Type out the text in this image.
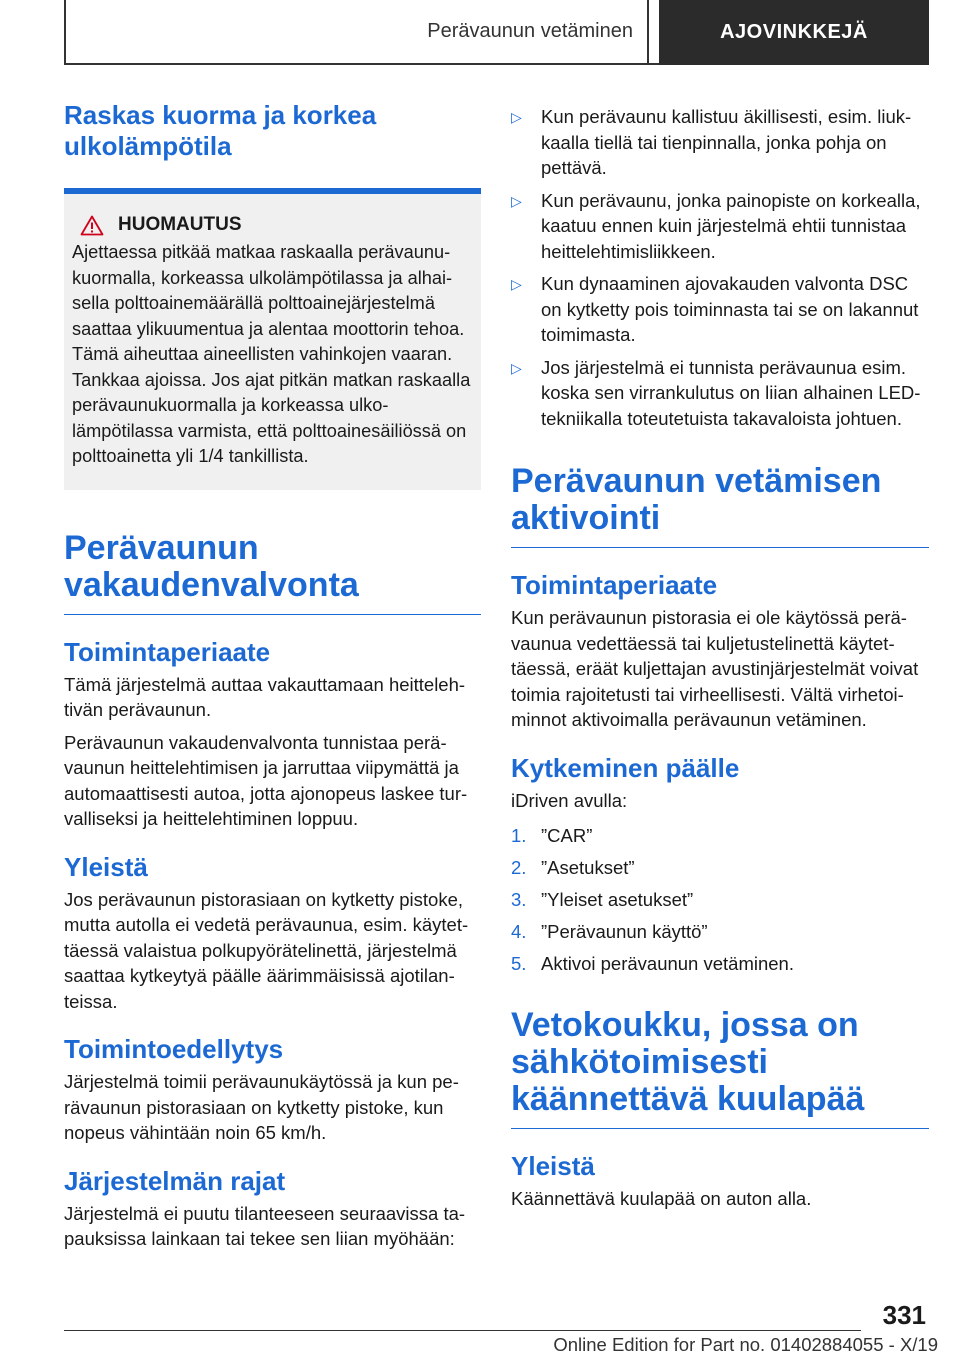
Perävaunun vetäminen	AJOVINKKEJÄ
Raskas kuorma ja korkea ulkolämpötila
HUOMAUTUS

Ajettaessa pitkää matkaa raskaalla perävaunukuormalla, korkeassa ulkolämpötilassa ja alhaisella polttoainemäärällä polttoainejärjestelmä saattaa ylikuumentua ja alentaa moottorin tehoa. Tämä aiheuttaa aineellisten vahinkojen vaaran. Tankkaa ajoissa. Jos ajat pitkän matkan raskaalla perävaunukuormalla ja korkeassa ulkolämpötilassa varmista, että polttoainesäiliössä on polttoainetta yli 1/4 tankillista.

Perävaunun vakaudenvalvonta
Toimintaperiaate

Tämä järjestelmä auttaa vakauttamaan heittelehtivän perävaunun.

Perävaunun vakaudenvalvonta tunnistaa perävaunun heittelehtimisen ja jarruttaa viipymättä ja automaattisesti autoa, jotta ajonopeus laskee turvalliseksi ja heittelehtiminen loppuu.

Yleistä

Jos perävaunun pistorasiaan on kytketty pistoke, mutta autolla ei vedetä perävaunua, esim. käytettäessä valaistua polkupyörätelinettä, järjestelmä saattaa kytkeytyä päälle äärimmäisissä ajotilanteissa.

Toimintoedellytys

Järjestelmä toimii perävaunukäytössä ja kun perävaunun pistorasiaan on kytketty pistoke, kun nopeus vähintään noin 65 km/h.

Järjestelmän rajat

Järjestelmä ei puutu tilanteeseen seuraavissa tapauksissa lainkaan tai tekee sen liian myöhään:

▷	Kun perävaunu kallistuu äkillisesti, esim. liukkaalla tiellä tai tienpinnalla, jonka pohja on pettävä.
▷	Kun perävaunu, jonka painopiste on korkealla, kaatuu ennen kuin järjestelmä ehtii tunnistaa heittelehtimisliikkeen.
▷	Kun dynaaminen ajovakauden valvonta DSC on kytketty pois toiminnasta tai se on lakannut toimimasta.
▷	Jos järjestelmä ei tunnista perävaunua esim. koska sen virrankulutus on liian alhainen LED-tekniikalla toteutetuista takavaloista johtuen.
Perävaunun vetämisen aktivointi
Toimintaperiaate

Kun perävaunun pistorasia ei ole käytössä perävaunua vedettäessä tai kuljetustelinettä käytettäessä, eräät kuljettajan avustinjärjestelmät voivat toimia rajoitetusti tai virheellisesti. Vältä virhetoiminnot aktivoimalla perävaunun vetäminen.

Kytkeminen päälle

iDriven avulla:

1. ”CAR”
2. ”Asetukset”
3. ”Yleiset asetukset”
4. ”Perävaunun käyttö”
5. Aktivoi perävaunun vetäminen.
Vetokoukku, jossa on sähkötoimisesti käännettävä kuulapää
Yleistä

Käännettävä kuulapää on auton alla.

331
Online Edition for Part no. 01402884055 - X/19
